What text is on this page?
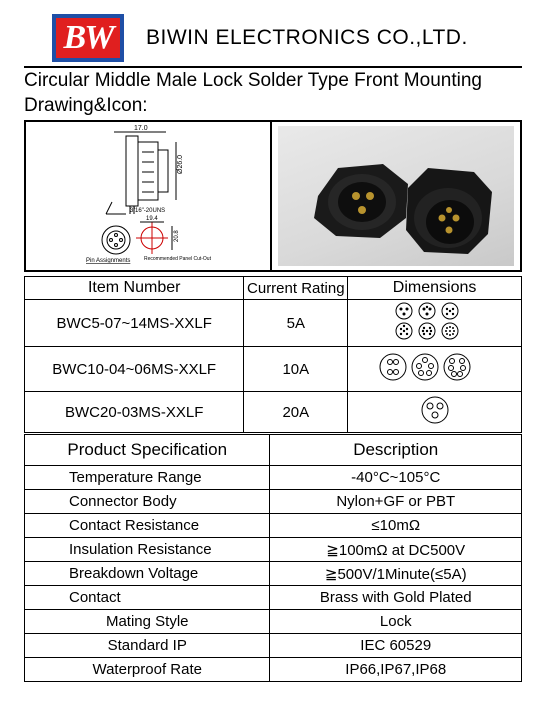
BW	BIWIN ELECTRONICS CO.,LTD.
Circular Middle Male Lock Solder Type Front Mounting
Drawing&Icon:
17.0
Ø26.0
3/16"-20UNS
19.4
20.8
Pin Assignments	Recommended Panel Cut-Out
Item Number	Current Rating	Dimensions
BWC5-07~14MS-XXLF	5A	
BWC10-04~06MS-XXLF	10A	
BWC20-03MS-XXLF	20A	
Product Specification	Description
Temperature Range	-40°C~105°C
Connector Body	Nylon+GF or PBT
Contact Resistance	≤10mΩ
Insulation Resistance	≧100mΩ at DC500V
Breakdown Voltage	≧500V/1Minute(≤5A)
Contact	Brass with Gold Plated
Mating Style	Lock
Standard IP	IEC 60529
Waterproof Rate	IP66,IP67,IP68
